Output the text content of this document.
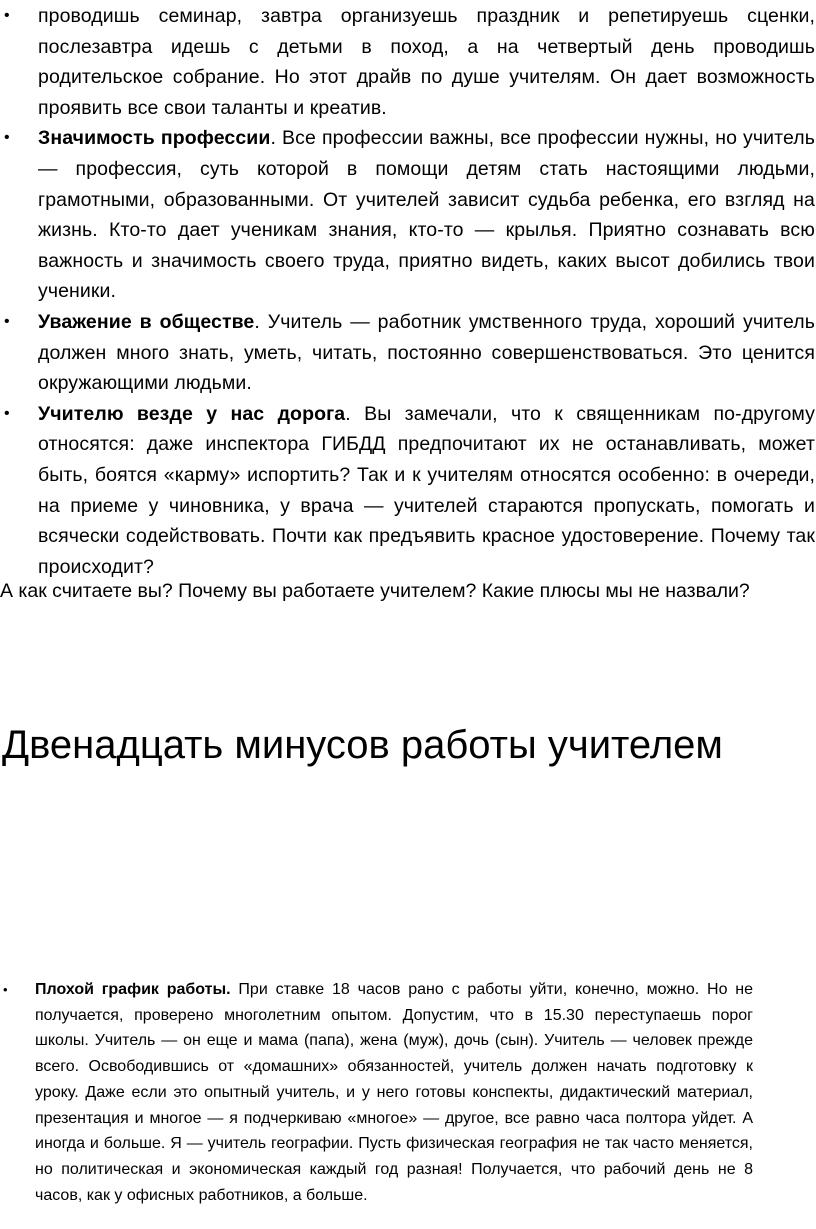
• проводишь семинар, завтра организуешь праздник и репетируешь сценки, послезавтра идешь с детьми в поход, а на четвертый день проводишь родительское собрание. Но этот драйв по душе учителям. Он дает возможность проявить все свои таланты и креатив.

• Значимость профессии. Все профессии важны, все профессии нужны, но учитель — профессия, суть которой в помощи детям стать настоящими людьми, грамотными, образованными. От учителей зависит судьба ребенка, его взгляд на жизнь. Кто-то дает ученикам знания, кто-то — крылья. Приятно сознавать всю важность и значимость своего труда, приятно видеть, каких высот добились твои ученики.

• Уважение в обществе. Учитель — работник умственного труда, хороший учитель должен много знать, уметь, читать, постоянно совершенствоваться. Это ценится окружающими людьми.

• Учителю везде у нас дорога. Вы замечали, что к священникам по-другому относятся: даже инспектора ГИБДД предпочитают их не останавливать, может быть, боятся «карму» испортить? Так и к учителям относятся особенно: в очереди, на приеме у чиновника, у врача — учителей стараются пропускать, помогать и всячески содействовать. Почти как предъявить красное удостоверение. Почему так происходит?

А как считаете вы? Почему вы работаете учителем? Какие плюсы мы не назвали?

Двенадцать минусов работы учителем
• Плохой график работы. При ставке 18 часов рано с работы уйти, конечно, можно. Но не получается, проверено многолетним опытом. Допустим, что в 15.30 переступаешь порог школы. Учитель — он еще и мама (папа), жена (муж), дочь (сын). Учитель — человек прежде всего. Освободившись от «домашних» обязанностей, учитель должен начать подготовку к уроку. Даже если это опытный учитель, и у него готовы конспекты, дидактический материал, презентация и многое — я подчеркиваю «многое» — другое, все равно часа полтора уйдет. А иногда и больше. Я — учитель географии. Пусть физическая география не так часто меняется, но политическая и экономическая каждый год разная! Получается, что рабочий день не 8 часов, как у офисных работников, а больше.
